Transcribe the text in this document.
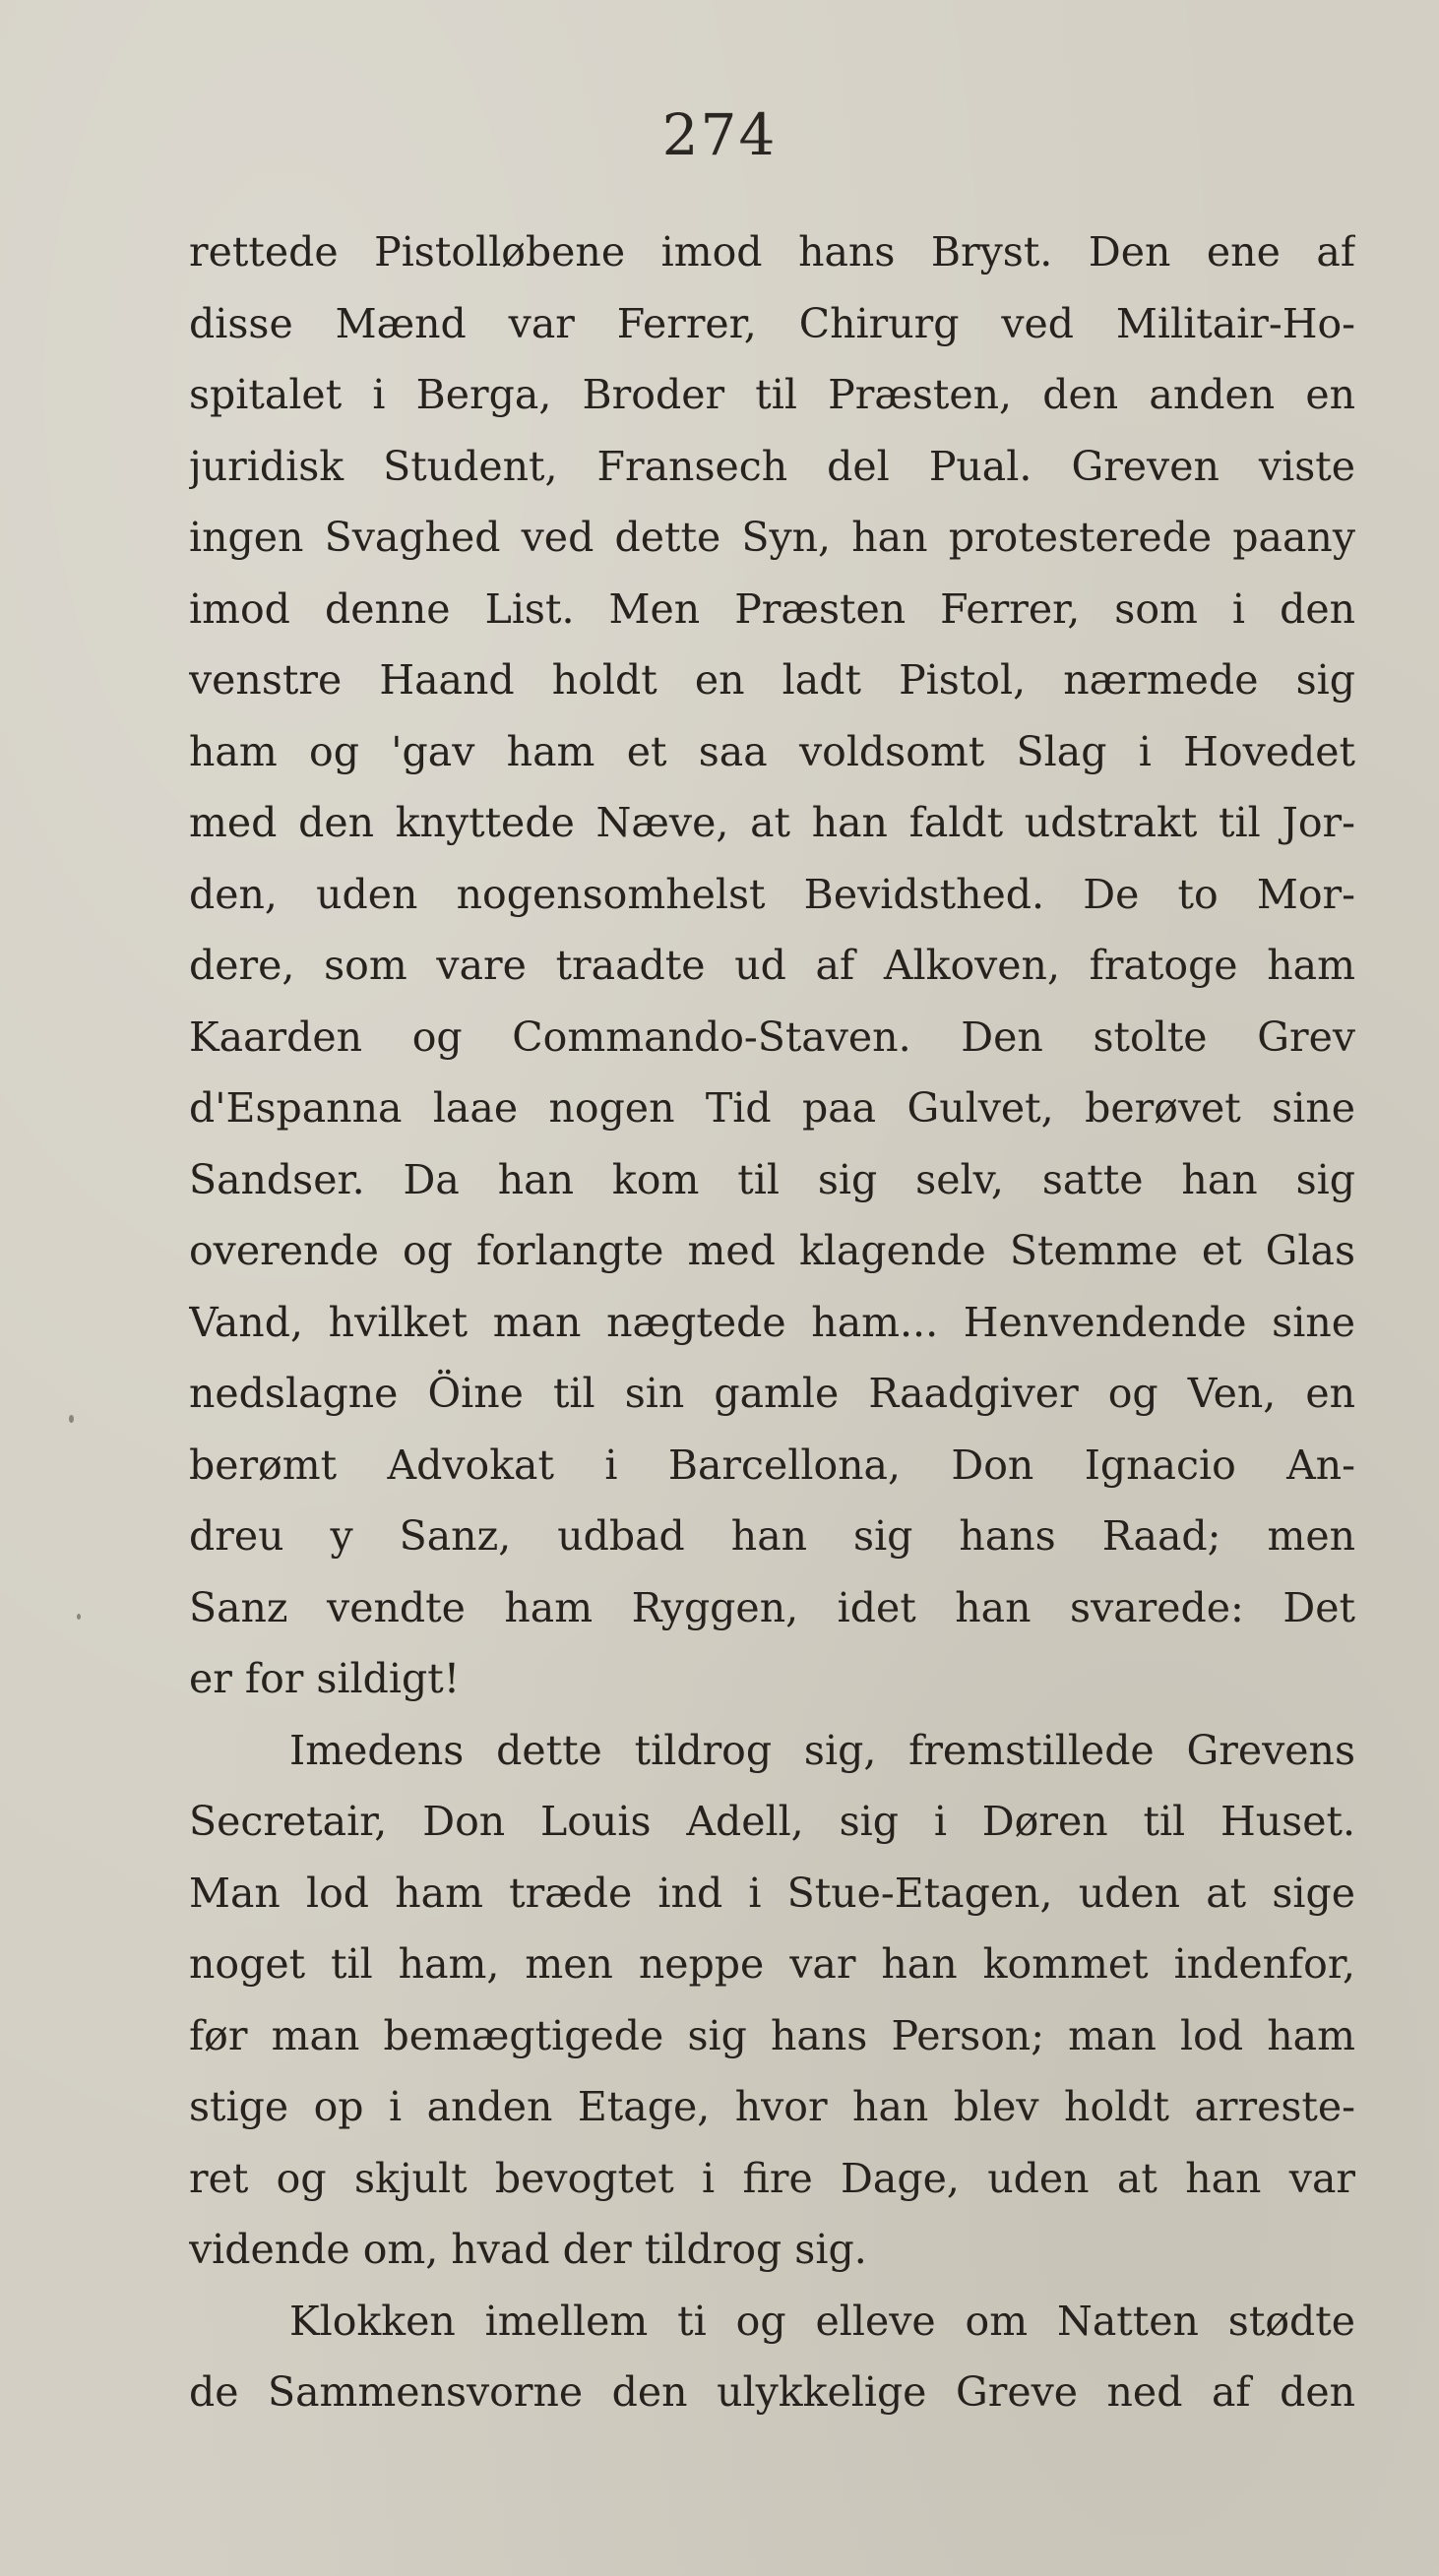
274
rettede Pistolløbene imod hans Bryst. Den ene af
disse Mænd var Ferrer, Chirurg ved Militair-Ho-
spitalet i Berga, Broder til Præsten, den anden en
juridisk Student, Fransech del Pual. Greven viste
ingen Svaghed ved dette Syn, han protesterede paany
imod denne List. Men Præsten Ferrer, som i den
venstre Haand holdt en ladt Pistol, nærmede sig
ham og 'gav ham et saa voldsomt Slag i Hovedet
med den knyttede Næve, at han faldt udstrakt til Jor-
den, uden nogensomhelst Bevidsthed. De to Mor-
dere, som vare traadte ud af Alkoven, fratoge ham
Kaarden og Commando-Staven. Den stolte Grev
d'Espanna laae nogen Tid paa Gulvet, berøvet sine
Sandser. Da han kom til sig selv, satte han sig
overende og forlangte med klagende Stemme et Glas
Vand, hvilket man nægtede ham... Henvendende sine
nedslagne Öine til sin gamle Raadgiver og Ven, en
berømt Advokat i Barcellona, Don Ignacio An-
dreu y Sanz, udbad han sig hans Raad; men
Sanz vendte ham Ryggen, idet han svarede: Det
er for sildigt!
Imedens dette tildrog sig, fremstillede Grevens
Secretair, Don Louis Adell, sig i Døren til Huset.
Man lod ham træde ind i Stue-Etagen, uden at sige
noget til ham, men neppe var han kommet indenfor,
før man bemægtigede sig hans Person; man lod ham
stige op i anden Etage, hvor han blev holdt arreste-
ret og skjult bevogtet i fire Dage, uden at han var
vidende om, hvad der tildrog sig.
Klokken imellem ti og elleve om Natten stødte
de Sammensvorne den ulykkelige Greve ned af den
